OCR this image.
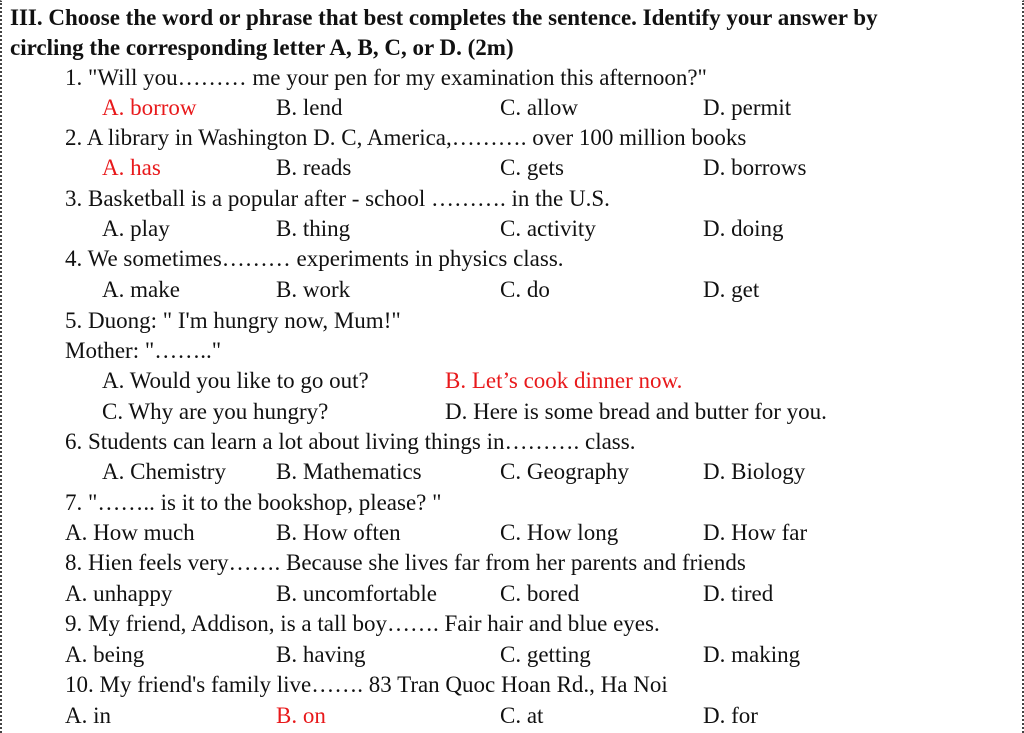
III. Choose the word or phrase that best completes the sentence. Identify your answer by
circling the corresponding letter A, B, C, or D. (2m)
1. "Will you……… me your pen for my examination this afternoon?"
A. borrow	B. lend	C. allow	D. permit
2. A library in Washington D. C, America,………. over 100 million books
A. has	B. reads	C. gets	D. borrows
3. Basketball is a popular after - school ………. in the U.S.
A. play	B. thing	C. activity	D. doing
4. We sometimes……… experiments in physics class.
A. make	B. work	C. do	D. get
5. Duong: " I'm hungry now, Mum!"
Mother: "…….."
A. Would you like to go out?	B. Let’s cook dinner now.
C. Why are you hungry?	D. Here is some bread and butter for you.
6. Students can learn a lot about living things in………. class.
A. Chemistry B. Mathematics	C. Geography	D. Biology
7. "…….. is it to the bookshop, please? "
A. How much	B. How often	C. How long	D. How far
8. Hien feels very……. Because she lives far from her parents and friends
A. unhappy	B. uncomfortable	C. bored	D. tired
9. My friend, Addison, is a tall boy……. Fair hair and blue eyes.
A. being	B. having	C. getting	D. making
10. My friend's family live……. 83 Tran Quoc Hoan Rd., Ha Noi
A. in	B. on	C. at	D. for
